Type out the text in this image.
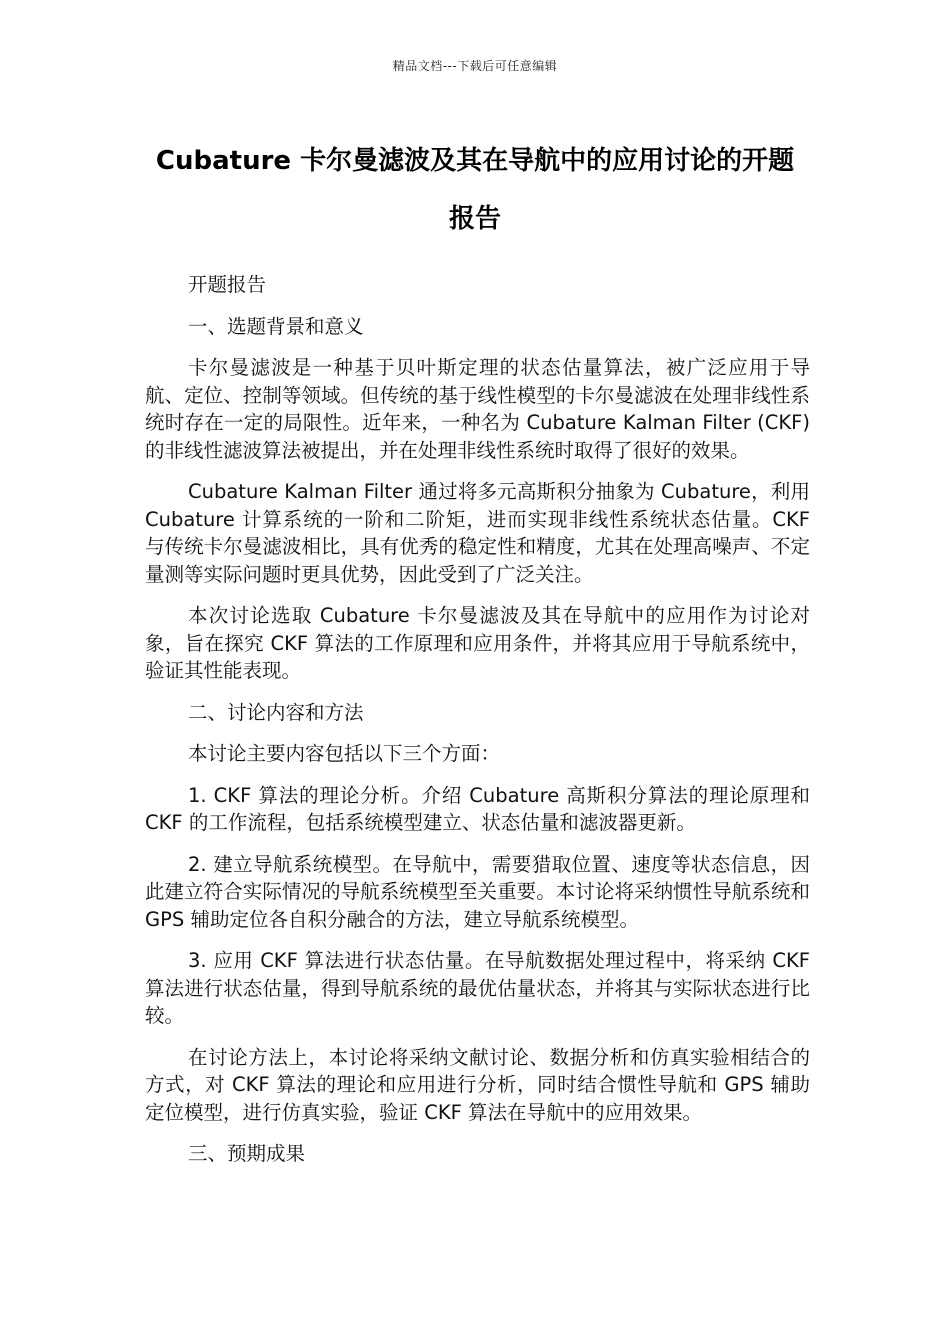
精品文档---下载后可任意编辑
Cubature 卡尔曼滤波及其在导航中的应用讨论的开题报告

开题报告

一、选题背景和意义

卡尔曼滤波是一种基于贝叶斯定理的状态估量算法，被广泛应用于导航、定位、控制等领域。但传统的基于线性模型的卡尔曼滤波在处理非线性系统时存在一定的局限性。近年来，一种名为 Cubature Kalman Filter (CKF)的非线性滤波算法被提出，并在处理非线性系统时取得了很好的效果。

Cubature Kalman Filter 通过将多元高斯积分抽象为 Cubature，利用 Cubature 计算系统的一阶和二阶矩，进而实现非线性系统状态估量。CKF 与传统卡尔曼滤波相比，具有优秀的稳定性和精度，尤其在处理高噪声、不定量测等实际问题时更具优势，因此受到了广泛关注。

本次讨论选取 Cubature 卡尔曼滤波及其在导航中的应用作为讨论对象，旨在探究 CKF 算法的工作原理和应用条件，并将其应用于导航系统中，验证其性能表现。

二、讨论内容和方法

本讨论主要内容包括以下三个方面：

1. CKF 算法的理论分析。介绍 Cubature 高斯积分算法的理论原理和 CKF 的工作流程，包括系统模型建立、状态估量和滤波器更新。

2. 建立导航系统模型。在导航中，需要猎取位置、速度等状态信息，因此建立符合实际情况的导航系统模型至关重要。本讨论将采纳惯性导航系统和 GPS 辅助定位各自积分融合的方法，建立导航系统模型。

3. 应用 CKF 算法进行状态估量。在导航数据处理过程中，将采纳 CKF 算法进行状态估量，得到导航系统的最优估量状态，并将其与实际状态进行比较。

在讨论方法上，本讨论将采纳文献讨论、数据分析和仿真实验相结合的方式，对 CKF 算法的理论和应用进行分析，同时结合惯性导航和 GPS 辅助定位模型，进行仿真实验，验证 CKF 算法在导航中的应用效果。

三、预期成果
